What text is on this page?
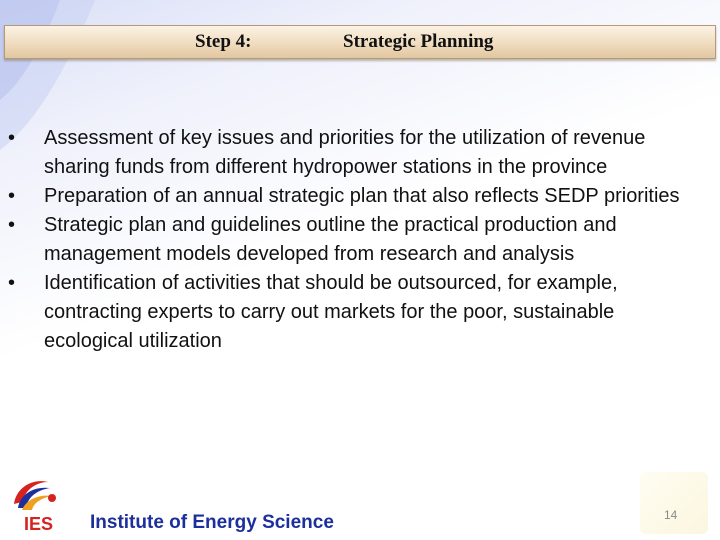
Step 4:	Strategic Planning
• Assessment of key issues and priorities for the utilization of revenue sharing funds from different hydropower stations in the province
• Preparation of an annual strategic plan that also reflects SEDP priorities
• Strategic plan and guidelines outline the practical production and management models developed from research and analysis
• Identification of activities that should be outsourced, for example, contracting experts to carry out markets for the poor, sustainable ecological utilization
IES Institute of Energy Science	14
